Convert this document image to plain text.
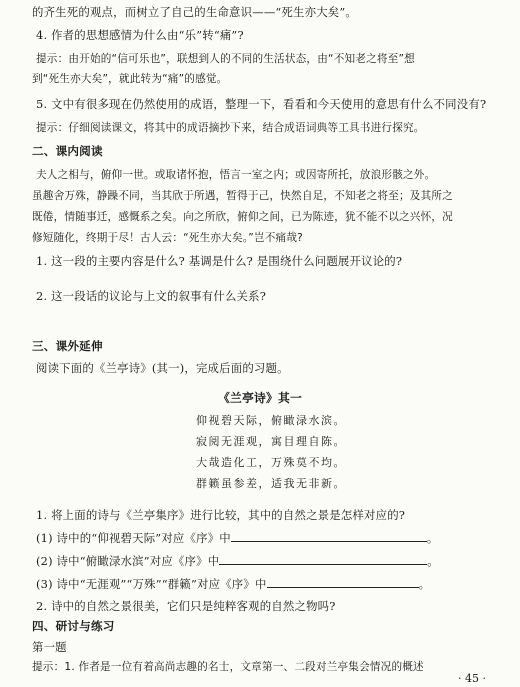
的齐生死的观点，而树立了自己的生命意识——“死生亦大矣”。
4. 作者的思想感情为什么由“乐”转“痛”?
提示：由开始的“信可乐也”，联想到人的不同的生活状态，由“不知老之将至”想
到“死生亦大矣”，就此转为“痛”的感觉。
5. 文中有很多现在仍然使用的成语，整理一下，看看和今天使用的意思有什么不同没有?
提示：仔细阅读课文，将其中的成语摘抄下来，结合成语词典等工具书进行探究。
二、课内阅读
夫人之相与，俯仰一世。或取诸怀抱，悟言一室之内；或因寄所托，放浪形骸之外。
虽趣舍万殊，静躁不同，当其欣于所遇，暂得于己，快然自足，不知老之将至；及其所之
既倦，情随事迁，感慨系之矣。向之所欣，俯仰之间，已为陈迹，犹不能不以之兴怀，况
修短随化，终期于尽！古人云：“死生亦大矣。”岂不痛哉?
1. 这一段的主要内容是什么? 基调是什么? 是围绕什么问题展开议论的?
2. 这一段话的议论与上文的叙事有什么关系?
三、课外延伸
阅读下面的《兰亭诗》(其一)，完成后面的习题。
《兰亭诗》其一
仰视碧天际，俯瞰渌水滨。
寂阅无涯观，寓目理自陈。
大哉造化工，万殊莫不均。
群籁虽参差，适我无非新。
1. 将上面的诗与《兰亭集序》进行比较，其中的自然之景是怎样对应的?
(1) 诗中的“仰视碧天际”对应《序》中	。
(2) 诗中“俯瞰渌水滨”对应《序》中	。
(3) 诗中“无涯观”“万殊”“群籁”对应《序》中	。
2. 诗中的自然之景很美，它们只是纯粹客观的自然之物吗?
四、研讨与练习
· 45 ·
第一题
提示：1. 作者是一位有着高尚志趣的名士，文章第一、二段对兰亭集会情况的概述
